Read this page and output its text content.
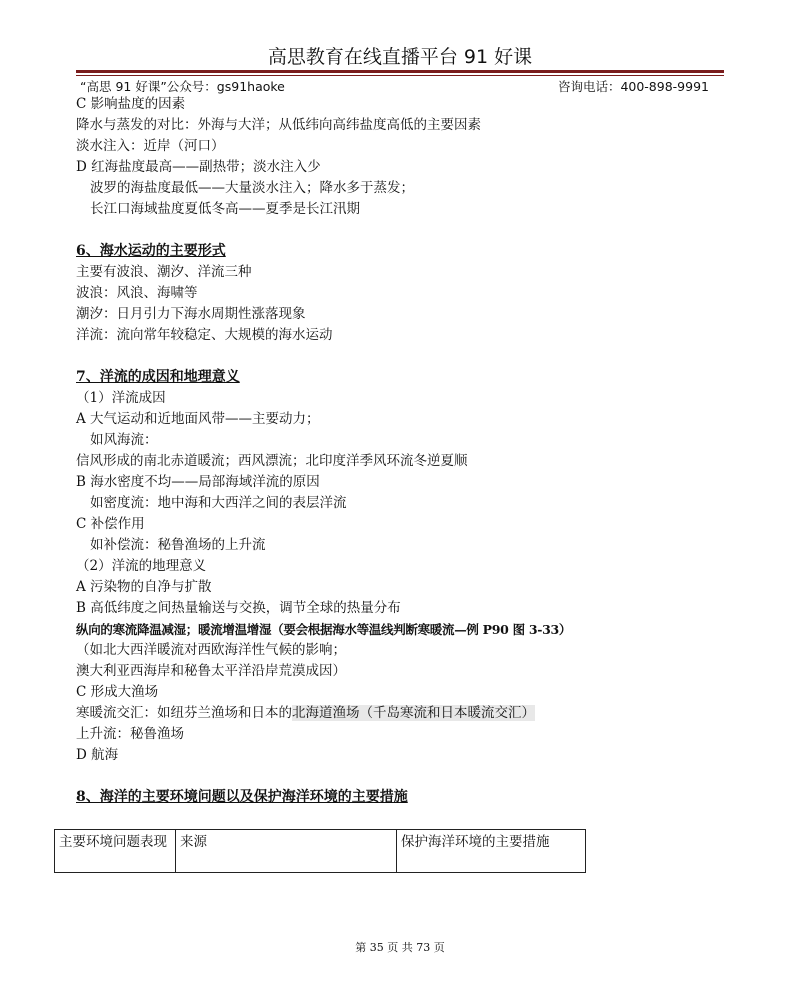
高思教育在线直播平台 91 好课
“高思 91 好课”公众号：gs91haoke	咨询电话：400-898-9991
C 影响盐度的因素
降水与蒸发的对比：外海与大洋；从低纬向高纬盐度高低的主要因素
淡水注入：近岸（河口）
D 红海盐度最高——副热带；淡水注入少
波罗的海盐度最低——大量淡水注入；降水多于蒸发；
长江口海域盐度夏低冬高——夏季是长江汛期
6、海水运动的主要形式
主要有波浪、潮汐、洋流三种
波浪：风浪、海啸等
潮汐：日月引力下海水周期性涨落现象
洋流：流向常年较稳定、大规模的海水运动
7、洋流的成因和地理意义
（1）洋流成因
A 大气运动和近地面风带——主要动力；
如风海流：
信风形成的南北赤道暖流；西风漂流；北印度洋季风环流冬逆夏顺
B 海水密度不均——局部海域洋流的原因
如密度流：地中海和大西洋之间的表层洋流
C 补偿作用
如补偿流：秘鲁渔场的上升流
（2）洋流的地理意义
A 污染物的自净与扩散
B 高低纬度之间热量输送与交换，调节全球的热量分布
纵向的寒流降温减湿；暖流增温增湿（要会根据海水等温线判断寒暖流—例 P90 图 3-33）
（如北大西洋暖流对西欧海洋性气候的影响；
澳大利亚西海岸和秘鲁太平洋沿岸荒漠成因）
C 形成大渔场
寒暖流交汇：如纽芬兰渔场和日本的北海道渔场（千岛寒流和日本暖流交汇）
上升流：秘鲁渔场
D 航海
8、海洋的主要环境问题以及保护海洋环境的主要措施
主要环境问题表现	来源	保护海洋环境的主要措施
第 35 页 共 73 页
